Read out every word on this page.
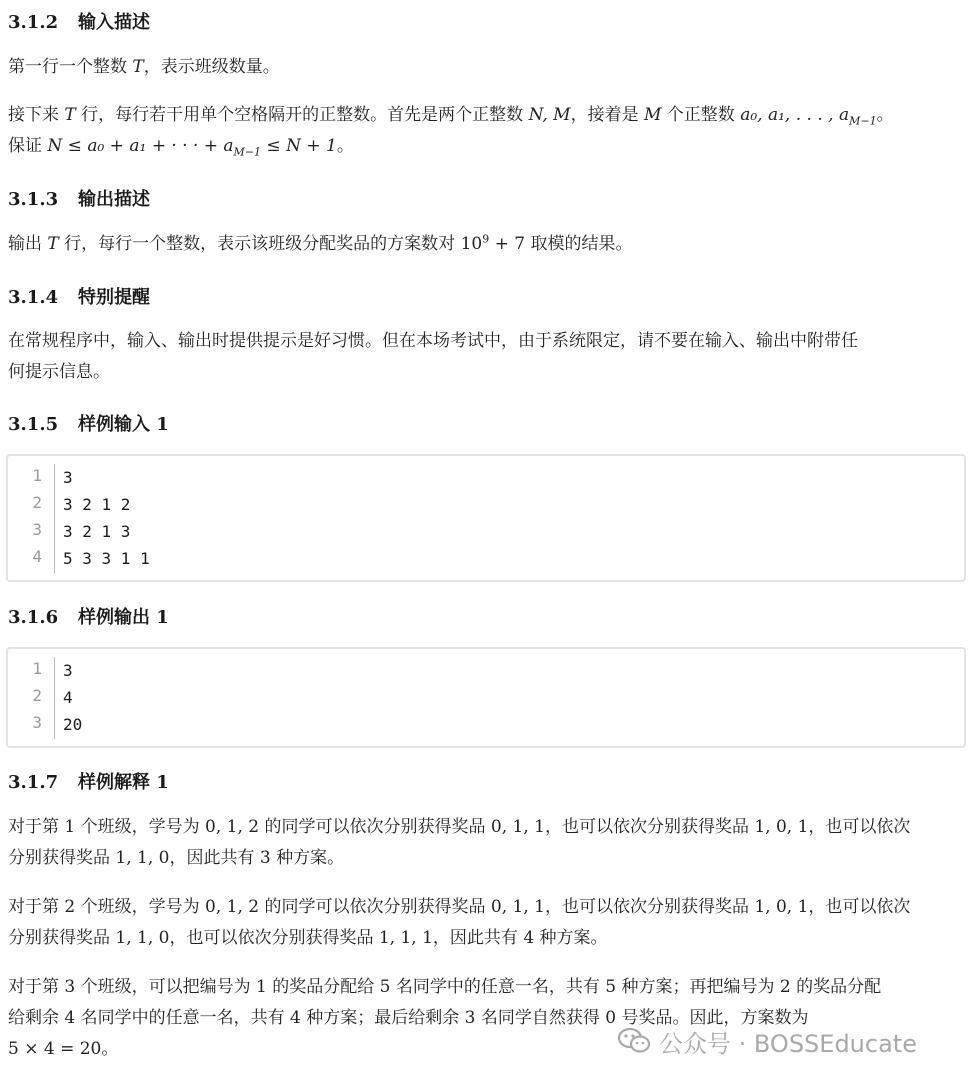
3.1.2 输入描述
第一行一个整数 T，表示班级数量。
接下来 T 行，每行若干用单个空格隔开的正整数。首先是两个正整数 N, M，接着是 M 个正整数 a₀, a₁, . . . , $a_{M-1}$。
保证 N ≤ a₀ + a₁ + · · · + $a_{M-1} \le N + 1$。
3.1.3 输出描述
输出 T 行，每行一个整数，表示该班级分配奖品的方案数对 $10^9 + 7$ 取模的结果。
3.1.4 特别提醒
在常规程序中，输入、输出时提供提示是好习惯。但在本场考试中，由于系统限定，请不要在输入、输出中附带任
何提示信息。
3.1.5 样例输入 1
1 3
2 3 2 1 2
3 3 2 1 3
4 5 3 3 1 1
3.1.6 样例输出 1
1 3
2 4
3 20
3.1.7 样例解释 1
对于第 1 个班级，学号为 0, 1, 2 的同学可以依次分别获得奖品 0, 1, 1，也可以依次分别获得奖品 1, 0, 1，也可以依次
分别获得奖品 1, 1, 0，因此共有 3 种方案。
对于第 2 个班级，学号为 0, 1, 2 的同学可以依次分别获得奖品 0, 1, 1，也可以依次分别获得奖品 1, 0, 1，也可以依次
分别获得奖品 1, 1, 0，也可以依次分别获得奖品 1, 1, 1，因此共有 4 种方案。
对于第 3 个班级，可以把编号为 1 的奖品分配给 5 名同学中的任意一名，共有 5 种方案；再把编号为 2 的奖品分配
给剩余 4 名同学中的任意一名，共有 4 种方案；最后给剩余 3 名同学自然获得 0 号奖品。因此，方案数为
5 × 4 = 20。	公众号 · BOSSEducate
